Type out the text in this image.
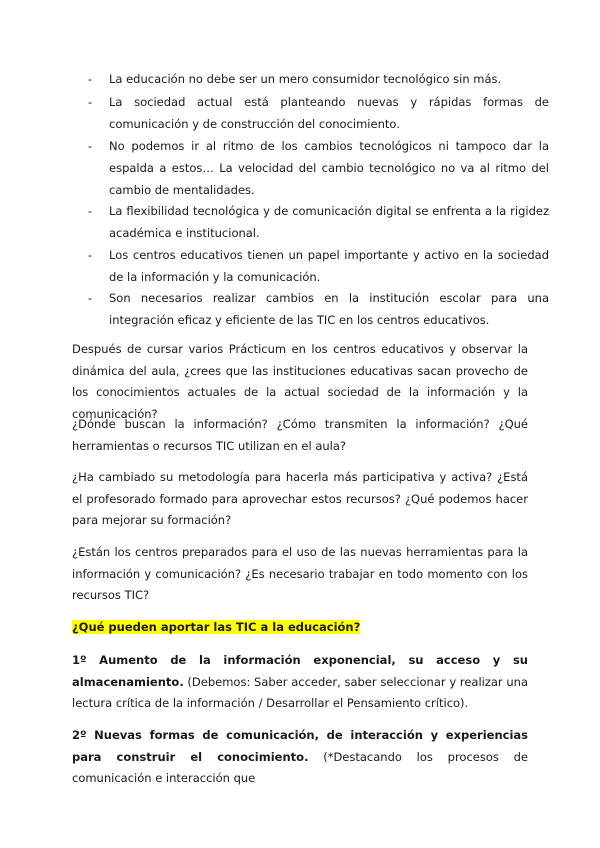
- La educación no debe ser un mero consumidor tecnológico sin más.
- La sociedad actual está planteando nuevas y rápidas formas de comunicación y de construcción del conocimiento.
- No podemos ir al ritmo de los cambios tecnológicos ni tampoco dar la espalda a estos… La velocidad del cambio tecnológico no va al ritmo del cambio de mentalidades.
- La flexibilidad tecnológica y de comunicación digital se enfrenta a la rigidez académica e institucional.
- Los centros educativos tienen un papel importante y activo en la sociedad de la información y la comunicación.
- Son necesarios realizar cambios en la institución escolar para una integración eficaz y eficiente de las TIC en los centros educativos.

Después de cursar varios Prácticum en los centros educativos y observar la dinámica del aula, ¿crees que las instituciones educativas sacan provecho de los conocimientos actuales de la actual sociedad de la información y la comunicación?

¿Dónde buscan la información? ¿Cómo transmiten la información? ¿Qué herramientas o recursos TIC utilizan en el aula?

¿Ha cambiado su metodología para hacerla más participativa y activa? ¿Está el profesorado formado para aprovechar estos recursos? ¿Qué podemos hacer para mejorar su formación?

¿Están los centros preparados para el uso de las nuevas herramientas para la información y comunicación? ¿Es necesario trabajar en todo momento con los recursos TIC?

¿Qué pueden aportar las TIC a la educación?

1º Aumento de la información exponencial, su acceso y su almacenamiento. (Debemos: Saber acceder, saber seleccionar y realizar una lectura crítica de la información / Desarrollar el Pensamiento crítico).

2º Nuevas formas de comunicación, de interacción y experiencias para construir el conocimiento. (*Destacando los procesos de comunicación e interacción que
